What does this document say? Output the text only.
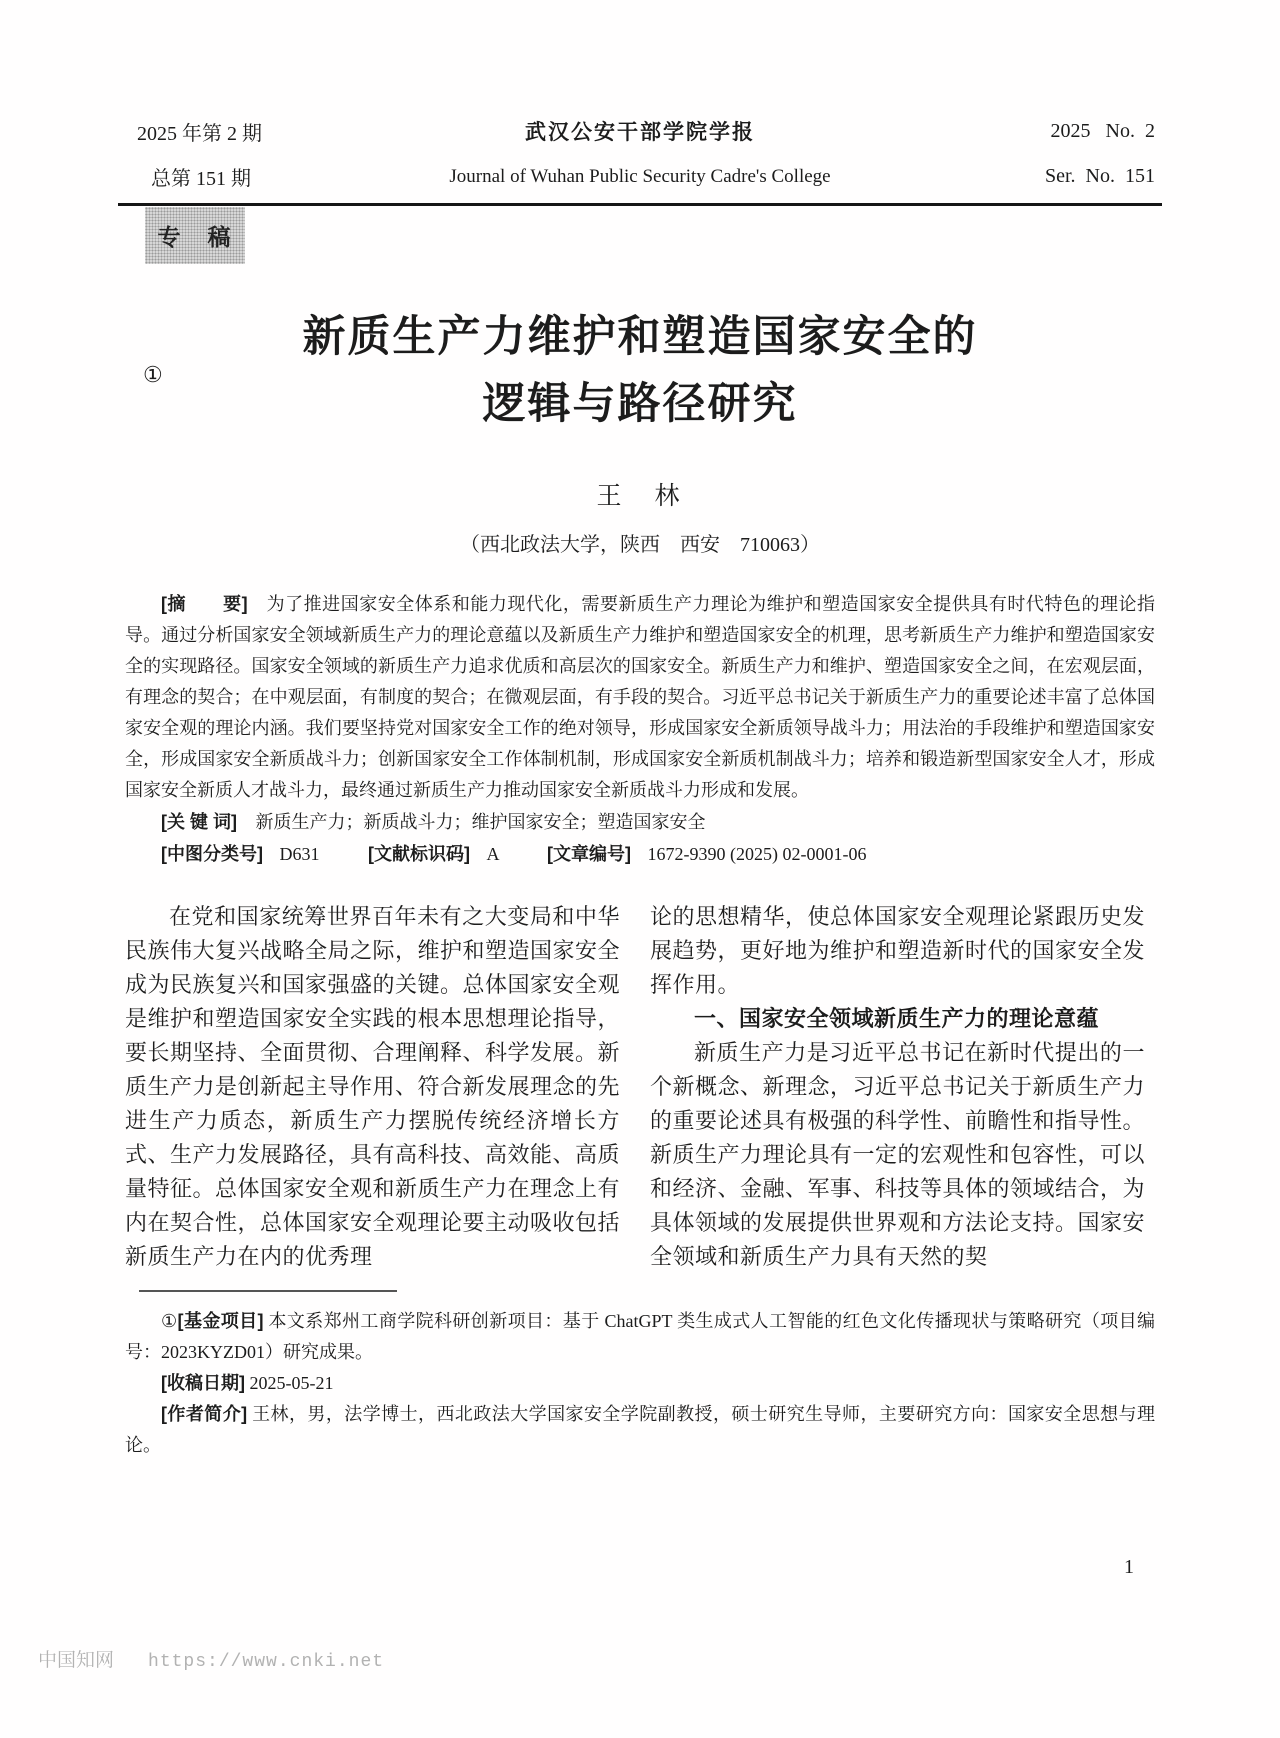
2025 年第 2 期	武汉公安干部学院学报	2025   No.  2
总第 151 期	Journal of Wuhan Public Security Cadre's College	Ser.  No.  151
专　稿
①
新质生产力维护和塑造国家安全的
逻辑与路径研究
王　林
（西北政法大学，陕西　西安　710063）

[摘　　要] 为了推进国家安全体系和能力现代化，需要新质生产力理论为维护和塑造国家安全提供具有时代特色的理论指导。通过分析国家安全领域新质生产力的理论意蕴以及新质生产力维护和塑造国家安全的机理，思考新质生产力维护和塑造国家安全的实现路径。国家安全领域的新质生产力追求优质和高层次的国家安全。新质生产力和维护、塑造国家安全之间，在宏观层面，有理念的契合；在中观层面，有制度的契合；在微观层面，有手段的契合。习近平总书记关于新质生产力的重要论述丰富了总体国家安全观的理论内涵。我们要坚持党对国家安全工作的绝对领导，形成国家安全新质领导战斗力；用法治的手段维护和塑造国家安全，形成国家安全新质战斗力；创新国家安全工作体制机制，形成国家安全新质机制战斗力；培养和锻造新型国家安全人才，形成国家安全新质人才战斗力，最终通过新质生产力推动国家安全新质战斗力形成和发展。

[关 键 词] 新质生产力；新质战斗力；维护国家安全；塑造国家安全

[中图分类号] D631	[文献标识码] A	[文章编号] 1672-9390 (2025) 02-0001-06

在党和国家统筹世界百年未有之大变局和中华民族伟大复兴战略全局之际，维护和塑造国家安全成为民族复兴和国家强盛的关键。总体国家安全观是维护和塑造国家安全实践的根本思想理论指导，要长期坚持、全面贯彻、合理阐释、科学发展。新质生产力是创新起主导作用、符合新发展理念的先进生产力质态，新质生产力摆脱传统经济增长方式、生产力发展路径，具有高科技、高效能、高质量特征。总体国家安全观和新质生产力在理念上有内在契合性，总体国家安全观理论要主动吸收包括新质生产力在内的优秀理

论的思想精华，使总体国家安全观理论紧跟历史发展趋势，更好地为维护和塑造新时代的国家安全发挥作用。

一、国家安全领域新质生产力的理论意蕴

新质生产力是习近平总书记在新时代提出的一个新概念、新理念，习近平总书记关于新质生产力的重要论述具有极强的科学性、前瞻性和指导性。新质生产力理论具有一定的宏观性和包容性，可以和经济、金融、军事、科技等具体的领域结合，为具体领域的发展提供世界观和方法论支持。国家安全领域和新质生产力具有天然的契

①[基金项目] 本文系郑州工商学院科研创新项目：基于 ChatGPT 类生成式人工智能的红色文化传播现状与策略研究（项目编号：2023KYZD01）研究成果。

[收稿日期] 2025-05-21

[作者简介] 王林，男，法学博士，西北政法大学国家安全学院副教授，硕士研究生导师，主要研究方向：国家安全思想与理论。

1
中国知网 https://www.cnki.net
